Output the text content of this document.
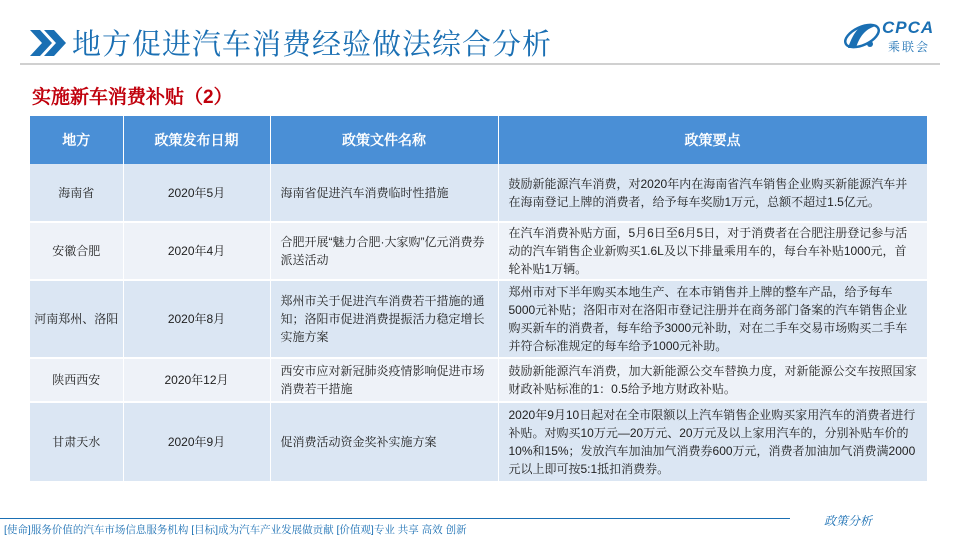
地方促进汽车消费经验做法综合分析
CPCA
乘联会
实施新车消费补贴（2）
地方	政策发布日期	政策文件名称	政策要点
海南省	2020年5月	海南省促进汽车消费临时性措施	鼓励新能源汽车消费，对2020年内在海南省汽车销售企业购买新能源汽车并在海南登记上牌的消费者，给予每车奖励1万元，总额不超过1.5亿元。
安徽合肥	2020年4月	合肥开展“魅力合肥·大家购”亿元消费券派送活动	在汽车消费补贴方面，5月6日至6月5日，对于消费者在合肥注册登记参与活动的汽车销售企业新购买1.6L及以下排量乘用车的，每台车补贴1000元，首轮补贴1万辆。
河南郑州、洛阳	2020年8月	郑州市关于促进汽车消费若干措施的通知；洛阳市促进消费提振活力稳定增长实施方案	郑州市对下半年购买本地生产、在本市销售并上牌的整车产品，给予每车5000元补贴；洛阳市对在洛阳市登记注册并在商务部门备案的汽车销售企业购买新车的消费者，每车给予3000元补助，对在二手车交易市场购买二手车并符合标准规定的每车给予1000元补助。
陕西西安	2020年12月	西安市应对新冠肺炎疫情影响促进市场消费若干措施	鼓励新能源汽车消费，加大新能源公交车替换力度，对新能源公交车按照国家财政补贴标准的1：0.5给予地方财政补贴。
甘肃天水	2020年9月	促消费活动资金奖补实施方案	2020年9月10日起对在全市限额以上汽车销售企业购买家用汽车的消费者进行补贴。对购买10万元—20万元、20万元及以上家用汽车的，分别补贴车价的10%和15%；发放汽车加油加气消费券600万元，消费者加油加气消费满2000元以上即可按5:1抵扣消费券。
[使命]服务价值的汽车市场信息服务机构 [目标]成为汽车产业发展做贡献 [价值观]专业 共享 高效 创新
政策分析
